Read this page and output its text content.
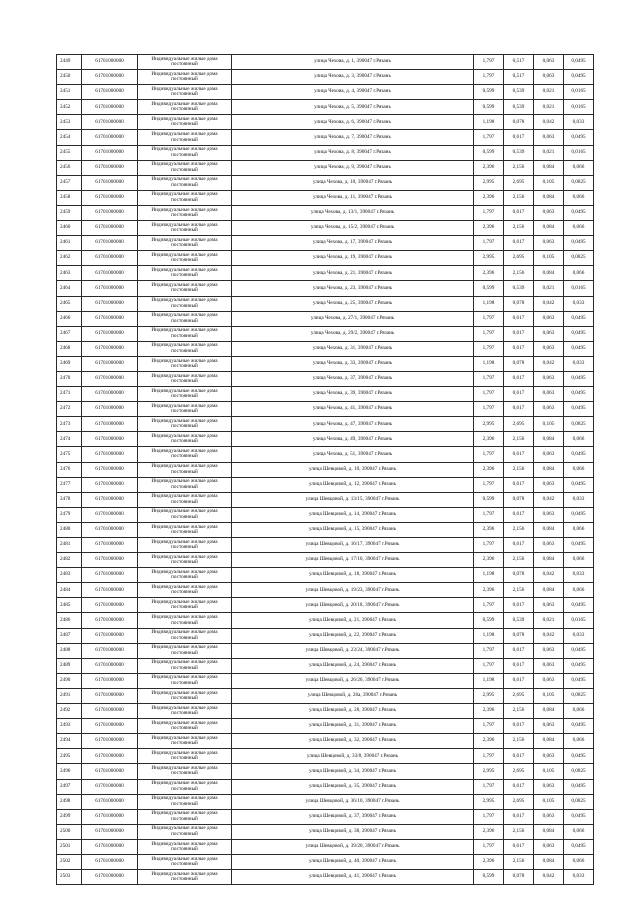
2449	61701000000	Индивидуальные жилые дома постоянный	улица Чехова, д. 1, 390047 г.Рязань	1,797	0,517	0,063	0,0495
2450	61701000000	Индивидуальные жилые дома постоянный	улица Чехова, д. 3, 390047 г.Рязань	1,797	0,517	0,063	0,0495
2451	61701000000	Индивидуальные жилые дома постоянный	улица Чехова, д. 4, 390047 г.Рязань	0,599	0,539	0,021	0,0165
2452	61701000000	Индивидуальные жилые дома постоянный	улица Чехова, д. 5, 390047 г.Рязань	0,599	0,539	0,021	0,0165
2453	61701000000	Индивидуальные жилые дома постоянный	улица Чехова, д. 6, 390047 г.Рязань	1,198	0,078	0,042	0,033
2454	61701000000	Индивидуальные жилые дома постоянный	улица Чехова, д. 7, 390047 г.Рязань	1,797	0,617	0,063	0,0495
2455	61701000000	Индивидуальные жилые дома постоянный	улица Чехова, д. 8, 390047 г.Рязань	0,599	0,539	0,021	0,0165
2456	61701000000	Индивидуальные жилые дома постоянный	улица Чехова, д. 9, 390047 г.Рязань	2,396	2,156	0,084	0,066
2457	61701000000	Индивидуальные жилые дома постоянный	улица Чехова, д. 10, 390047 г.Рязань	2,995	2,695	0,105	0,0825
2458	61701000000	Индивидуальные жилые дома постоянный	улица Чехова, д. 11, 390047 г.Рязань	2,396	2,156	0,084	0,066
2459	61701000000	Индивидуальные жилые дома постоянный	улица Чехова, д. 13/1, 390047 г.Рязань	1,797	0,617	0,063	0,0495
2460	61701000000	Индивидуальные жилые дома постоянный	улица Чехова, д. 15/2, 390047 г.Рязань	2,396	2,156	0,084	0,066
2461	61701000000	Индивидуальные жилые дома постоянный	улица Чехова, д. 17, 390047 г.Рязань	1,797	0,617	0,063	0,0495
2462	61701000000	Индивидуальные жилые дома постоянный	улица Чехова, д. 19, 390047 г.Рязань	2,995	2,695	0,105	0,0825
2463	61701000000	Индивидуальные жилые дома постоянный	улица Чехова, д. 21, 390047 г.Рязань	2,396	2,156	0,084	0,066
2464	61701000000	Индивидуальные жилые дома постоянный	улица Чехова, д. 23, 390047 г.Рязань	0,599	0,539	0,021	0,0165
2465	61701000000	Индивидуальные жилые дома постоянный	улица Чехова, д. 25, 390047 г.Рязань	1,198	0,078	0,042	0,033
2466	61701000000	Индивидуальные жилые дома постоянный	улица Чехова, д. 27/1, 390047 г.Рязань	1,797	0,617	0,063	0,0495
2467	61701000000	Индивидуальные жилые дома постоянный	улица Чехова, д. 29/2, 390047 г.Рязань	1,797	0,617	0,063	0,0495
2468	61701000000	Индивидуальные жилые дома постоянный	улица Чехова, д. 31, 390047 г.Рязань	1,797	0,617	0,063	0,0495
2469	61701000000	Индивидуальные жилые дома постоянный	улица Чехова, д. 33, 390047 г.Рязань	1,198	0,078	0,042	0,033
2470	61701000000	Индивидуальные жилые дома постоянный	улица Чехова, д. 37, 390047 г.Рязань	1,797	0,617	0,063	0,0495
2471	61701000000	Индивидуальные жилые дома постоянный	улица Чехова, д. 39, 390047 г.Рязань	1,797	0,617	0,063	0,0495
2472	61701000000	Индивидуальные жилые дома постоянный	улица Чехова, д. 41, 390047 г.Рязань	1,797	0,617	0,063	0,0495
2473	61701000000	Индивидуальные жилые дома постоянный	улица Чехова, д. 47, 390047 г.Рязань	2,995	2,695	0,105	0,0825
2474	61701000000	Индивидуальные жилые дома постоянный	улица Чехова, д. 49, 390047 г.Рязань	2,396	2,156	0,084	0,066
2475	61701000000	Индивидуальные жилые дома постоянный	улица Чехова, д. 51, 390047 г.Рязань	1,797	0,617	0,063	0,0495
2476	61701000000	Индивидуальные жилые дома постоянный	улица Шевцовой, д. 10, 390047 г.Рязань	2,396	2,156	0,084	0,066
2477	61701000000	Индивидуальные жилые дома постоянный	улица Шевцовой, д. 12, 390047 г.Рязань	1,797	0,617	0,063	0,0495
2478	61701000000	Индивидуальные жилые дома постоянный	улица Шевцовой, д. 13/15, 390047 г.Рязань	0,599	0,078	0,042	0,033
2479	61701000000	Индивидуальные жилые дома постоянный	улица Шевцовой, д. 14, 390047 г.Рязань	1,797	0,617	0,063	0,0495
2480	61701000000	Индивидуальные жилые дома постоянный	улица Шевцовой, д. 15, 390047 г.Рязань	2,396	2,156	0,084	0,066
2481	61701000000	Индивидуальные жилые дома постоянный	улица Шевцовой, д. 16/17, 390047 г.Рязань	1,797	0,617	0,063	0,0495
2482	61701000000	Индивидуальные жилые дома постоянный	улица Шевцовой, д. 17/10, 390047 г.Рязань	2,396	2,156	0,084	0,066
2483	61701000000	Индивидуальные жилые дома постоянный	улица Шевцовой, д. 18, 390047 г.Рязань	1,198	0,078	0,042	0,033
2484	61701000000	Индивидуальные жилые дома постоянный	улица Шевцовой, д. 19/23, 390047 г.Рязань	2,396	2,156	0,084	0,066
2485	61701000000	Индивидуальные жилые дома постоянный	улица Шевцовой, д. 20/18, 390047 г.Рязань	1,797	0,617	0,063	0,0495
2486	61701000000	Индивидуальные жилые дома постоянный	улица Шевцовой, д. 21, 390047 г.Рязань	0,599	0,539	0,021	0,0165
2487	61701000000	Индивидуальные жилые дома постоянный	улица Шевцовой, д. 22, 390047 г.Рязань	1,198	0,078	0,042	0,033
2488	61701000000	Индивидуальные жилые дома постоянный	улица Шевцовой, д. 23/24, 390047 г.Рязань	1,797	0,617	0,063	0,0495
2489	61701000000	Индивидуальные жилые дома постоянный	улица Шевцовой, д. 24, 390047 г.Рязань	1,797	0,617	0,063	0,0495
2490	61701000000	Индивидуальные жилые дома постоянный	улица Шевцовой, д. 26/26, 390047 г.Рязань	1,198	0,617	0,063	0,0495
2491	61701000000	Индивидуальные жилые дома постоянный	улица Шевцовой, д. 26а, 390047 г.Рязань	2,995	2,695	0,105	0,0825
2492	61701000000	Индивидуальные жилые дома постоянный	улица Шевцовой, д. 28, 390047 г.Рязань	2,396	2,156	0,084	0,066
2493	61701000000	Индивидуальные жилые дома постоянный	улица Шевцовой, д. 31, 390047 г.Рязань	1,797	0,617	0,063	0,0495
2494	61701000000	Индивидуальные жилые дома постоянный	улица Шевцовой, д. 32, 390047 г.Рязань	2,396	2,156	0,084	0,066
2495	61701000000	Индивидуальные жилые дома постоянный	улица Шевцовой, д. 33/8, 390047 г.Рязань	1,797	0,617	0,063	0,0495
2496	61701000000	Индивидуальные жилые дома постоянный	улица Шевцовой, д. 34, 390047 г.Рязань	2,995	2,695	0,105	0,0825
2497	61701000000	Индивидуальные жилые дома постоянный	улица Шевцовой, д. 35, 390047 г.Рязань	1,797	0,617	0,063	0,0495
2498	61701000000	Индивидуальные жилые дома постоянный	улица Шевцовой, д. 36/10, 390047 г.Рязань	2,995	2,695	0,105	0,0825
2499	61701000000	Индивидуальные жилые дома постоянный	улица Шевцовой, д. 37, 390047 г.Рязань	1,797	0,617	0,063	0,0495
2500	61701000000	Индивидуальные жилые дома постоянный	улица Шевцовой, д. 38, 390047 г.Рязань	2,396	2,156	0,084	0,066
2501	61701000000	Индивидуальные жилые дома постоянный	улица Шевцовой, д. 39/20, 390047 г.Рязань	1,797	0,617	0,063	0,0495
2502	61701000000	Индивидуальные жилые дома постоянный	улица Шевцовой, д. 40, 390047 г.Рязань	2,396	2,156	0,084	0,066
2503	61701000000	Индивидуальные жилые дома постоянный	улица Шевцовой, д. 41, 390047 г.Рязань	0,599	0,078	0,042	0,033
